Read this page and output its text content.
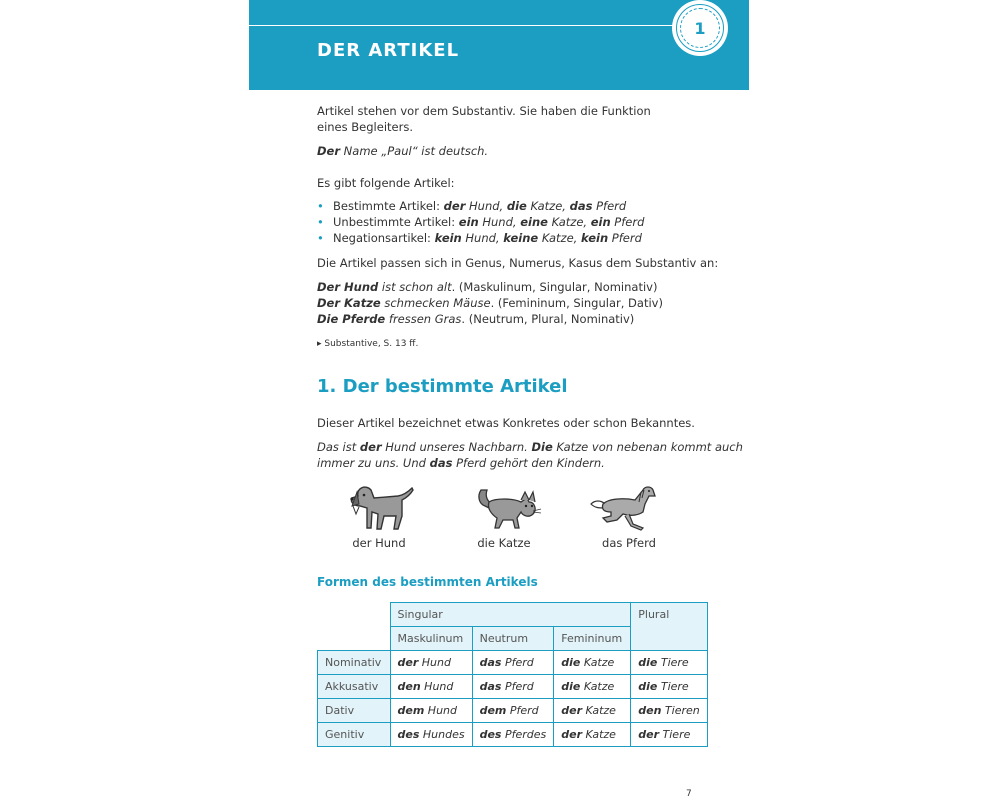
DER ARTIKEL
1
Artikel stehen vor dem Substantiv. Sie haben die Funktion eines Begleiters.
Der Name „Paul“ ist deutsch.
Es gibt folgende Artikel:
• Bestimmte Artikel: der Hund, die Katze, das Pferd
• Unbestimmte Artikel: ein Hund, eine Katze, ein Pferd
• Negationsartikel: kein Hund, keine Katze, kein Pferd
Die Artikel passen sich in Genus, Numerus, Kasus dem Substantiv an:
Der Hund ist schon alt. (Maskulinum, Singular, Nominativ)
Der Katze schmecken Mäuse. (Femininum, Singular, Dativ)
Die Pferde fressen Gras. (Neutrum, Plural, Nominativ)
▸ Substantive, S. 13 ff.
1. Der bestimmte Artikel
Dieser Artikel bezeichnet etwas Konkretes oder schon Bekanntes.
Das ist der Hund unseres Nachbarn. Die Katze von nebenan kommt auch
immer zu uns. Und das Pferd gehört den Kindern.
der Hund	die Katze	das Pferd
Formen des bestimmten Artikels
	Singular			Plural
	Maskulinum	Neutrum	Femininum	
Nominativ	der Hund	das Pferd	die Katze	die Tiere
Akkusativ	den Hund	das Pferd	die Katze	die Tiere
Dativ	dem Hund	dem Pferd	der Katze	den Tieren
Genitiv	des Hundes	des Pferdes	der Katze	der Tiere
7
